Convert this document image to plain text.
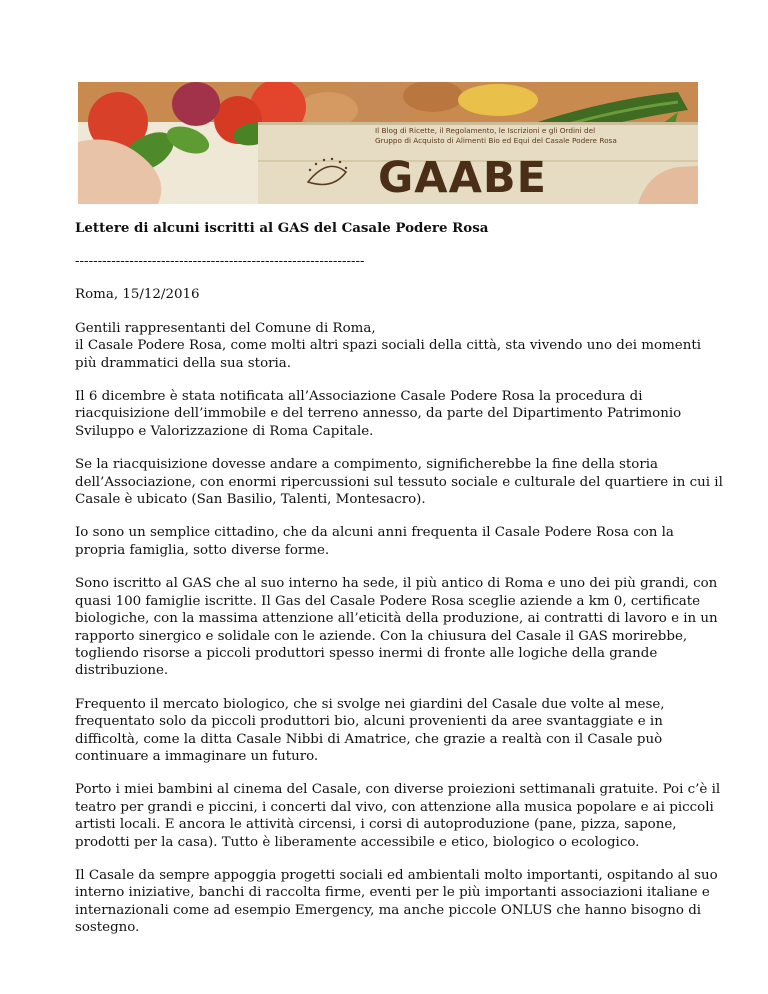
Il Blog di Ricette, il Regolamento, le Iscrizioni e gli Ordini del
Gruppo di Acquisto di Alimenti Bio ed Equi del Casale Podere Rosa
GAABE

Lettere di alcuni iscritti al GAS del Casale Podere Rosa

----------------------------------------------------------------

Roma, 15/12/2016

Gentili rappresentanti del Comune di Roma,
il Casale Podere Rosa, come molti altri spazi sociali della città, sta vivendo uno dei momenti
più drammatici della sua storia.

Il 6 dicembre è stata notificata all’Associazione Casale Podere Rosa la procedura di
riacquisizione dell’immobile e del terreno annesso, da parte del Dipartimento Patrimonio
Sviluppo e Valorizzazione di Roma Capitale.

Se la riacquisizione dovesse andare a compimento, significherebbe la fine della storia
dell’Associazione, con enormi ripercussioni sul tessuto sociale e culturale del quartiere in cui il
Casale è ubicato (San Basilio, Talenti, Montesacro).

Io sono un semplice cittadino, che da alcuni anni frequenta il Casale Podere Rosa con la
propria famiglia, sotto diverse forme.

Sono iscritto al GAS che al suo interno ha sede, il più antico di Roma e uno dei più grandi, con
quasi 100 famiglie iscritte. Il Gas del Casale Podere Rosa sceglie aziende a km 0, certificate
biologiche, con la massima attenzione all’eticità della produzione, ai contratti di lavoro e in un
rapporto sinergico e solidale con le aziende. Con la chiusura del Casale il GAS morirebbe,
togliendo risorse a piccoli produttori spesso inermi di fronte alle logiche della grande
distribuzione.

Frequento il mercato biologico, che si svolge nei giardini del Casale due volte al mese,
frequentato solo da piccoli produttori bio, alcuni provenienti da aree svantaggiate e in
difficoltà, come la ditta Casale Nibbi di Amatrice, che grazie a realtà con il Casale può
continuare a immaginare un futuro.

Porto i miei bambini al cinema del Casale, con diverse proiezioni settimanali gratuite. Poi c’è il
teatro per grandi e piccini, i concerti dal vivo, con attenzione alla musica popolare e ai piccoli
artisti locali. E ancora le attività circensi, i corsi di autoproduzione (pane, pizza, sapone,
prodotti per la casa). Tutto è liberamente accessibile e etico, biologico o ecologico.

Il Casale da sempre appoggia progetti sociali ed ambientali molto importanti, ospitando al suo
interno iniziative, banchi di raccolta firme, eventi per le più importanti associazioni italiane e
internazionali come ad esempio Emergency, ma anche piccole ONLUS che hanno bisogno di
sostegno.
